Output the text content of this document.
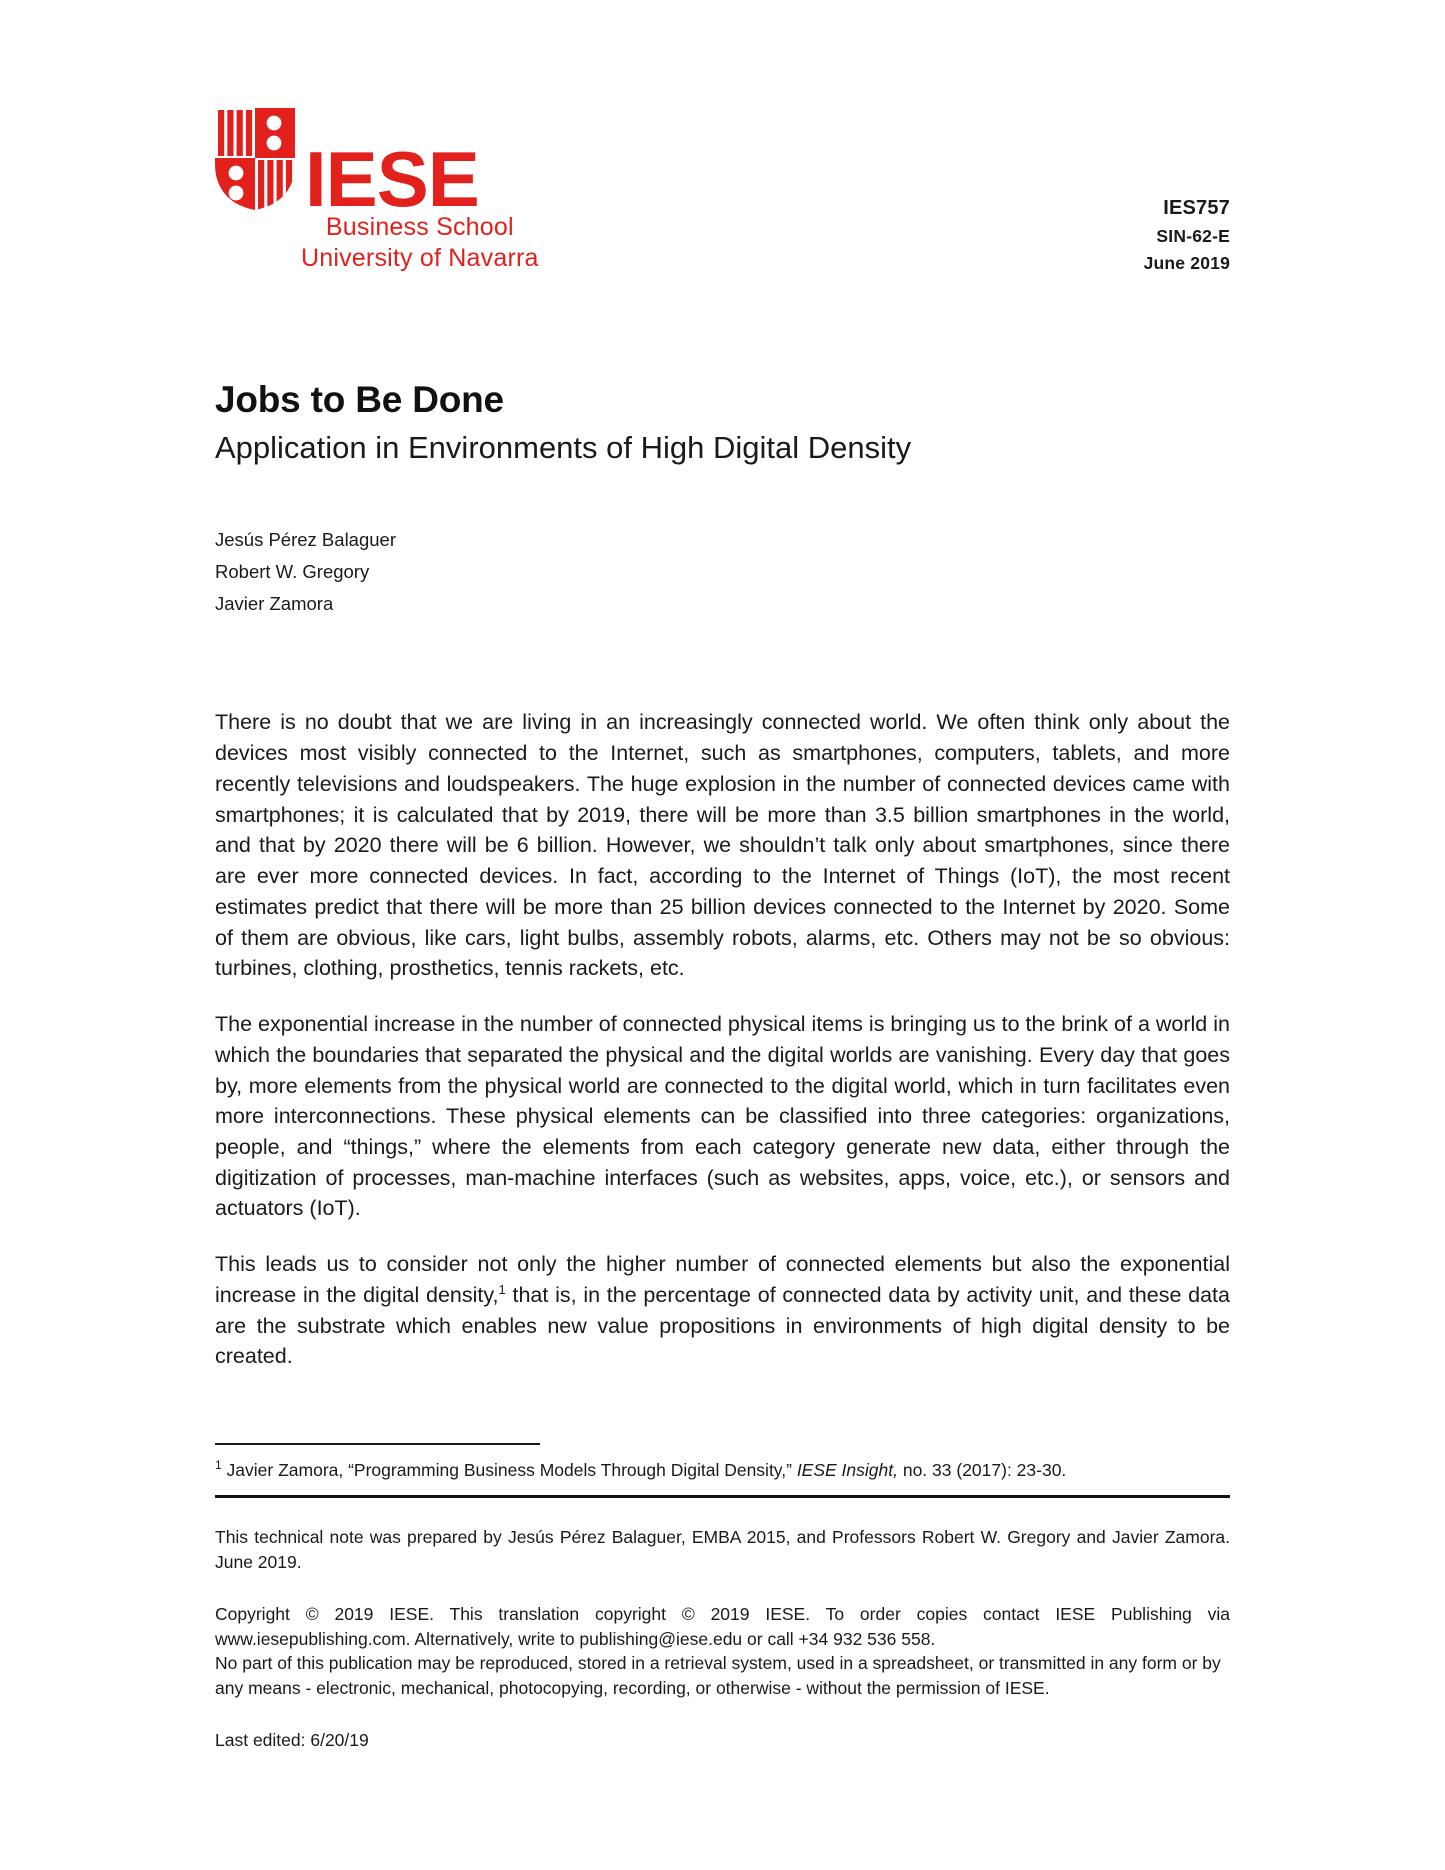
IESE
Business School
University of Navarra
IES757
SIN-62-E
June 2019
Jobs to Be Done
Application in Environments of High Digital Density
Jesús Pérez Balaguer
Robert W. Gregory
Javier Zamora

There is no doubt that we are living in an increasingly connected world. We often think only about the devices most visibly connected to the Internet, such as smartphones, computers, tablets, and more recently televisions and loudspeakers. The huge explosion in the number of connected devices came with smartphones; it is calculated that by 2019, there will be more than 3.5 billion smartphones in the world, and that by 2020 there will be 6 billion. However, we shouldn’t talk only about smartphones, since there are ever more connected devices. In fact, according to the Internet of Things (IoT), the most recent estimates predict that there will be more than 25 billion devices connected to the Internet by 2020. Some of them are obvious, like cars, light bulbs, assembly robots, alarms, etc. Others may not be so obvious: turbines, clothing, prosthetics, tennis rackets, etc.

The exponential increase in the number of connected physical items is bringing us to the brink of a world in which the boundaries that separated the physical and the digital worlds are vanishing. Every day that goes by, more elements from the physical world are connected to the digital world, which in turn facilitates even more interconnections. These physical elements can be classified into three categories: organizations, people, and “things,” where the elements from each category generate new data, either through the digitization of processes, man-machine interfaces (such as websites, apps, voice, etc.), or sensors and actuators (IoT).

This leads us to consider not only the higher number of connected elements but also the exponential increase in the digital density,$^1$ that is, in the percentage of connected data by activity unit, and these data are the substrate which enables new value propositions in environments of high digital density to be created.

$^1$ Javier Zamora, “Programming Business Models Through Digital Density,” IESE Insight, no. 33 (2017): 23-30.

This technical note was prepared by Jesús Pérez Balaguer, EMBA 2015, and Professors Robert W. Gregory and Javier Zamora. June 2019.

Copyright © 2019 IESE. This translation copyright © 2019 IESE. To order copies contact IESE Publishing via www.iesepublishing.com. Alternatively, write to publishing@iese.edu or call +34 932 536 558.

No part of this publication may be reproduced, stored in a retrieval system, used in a spreadsheet, or transmitted in any form or by any means - electronic, mechanical, photocopying, recording, or otherwise - without the permission of IESE.

Last edited: 6/20/19
